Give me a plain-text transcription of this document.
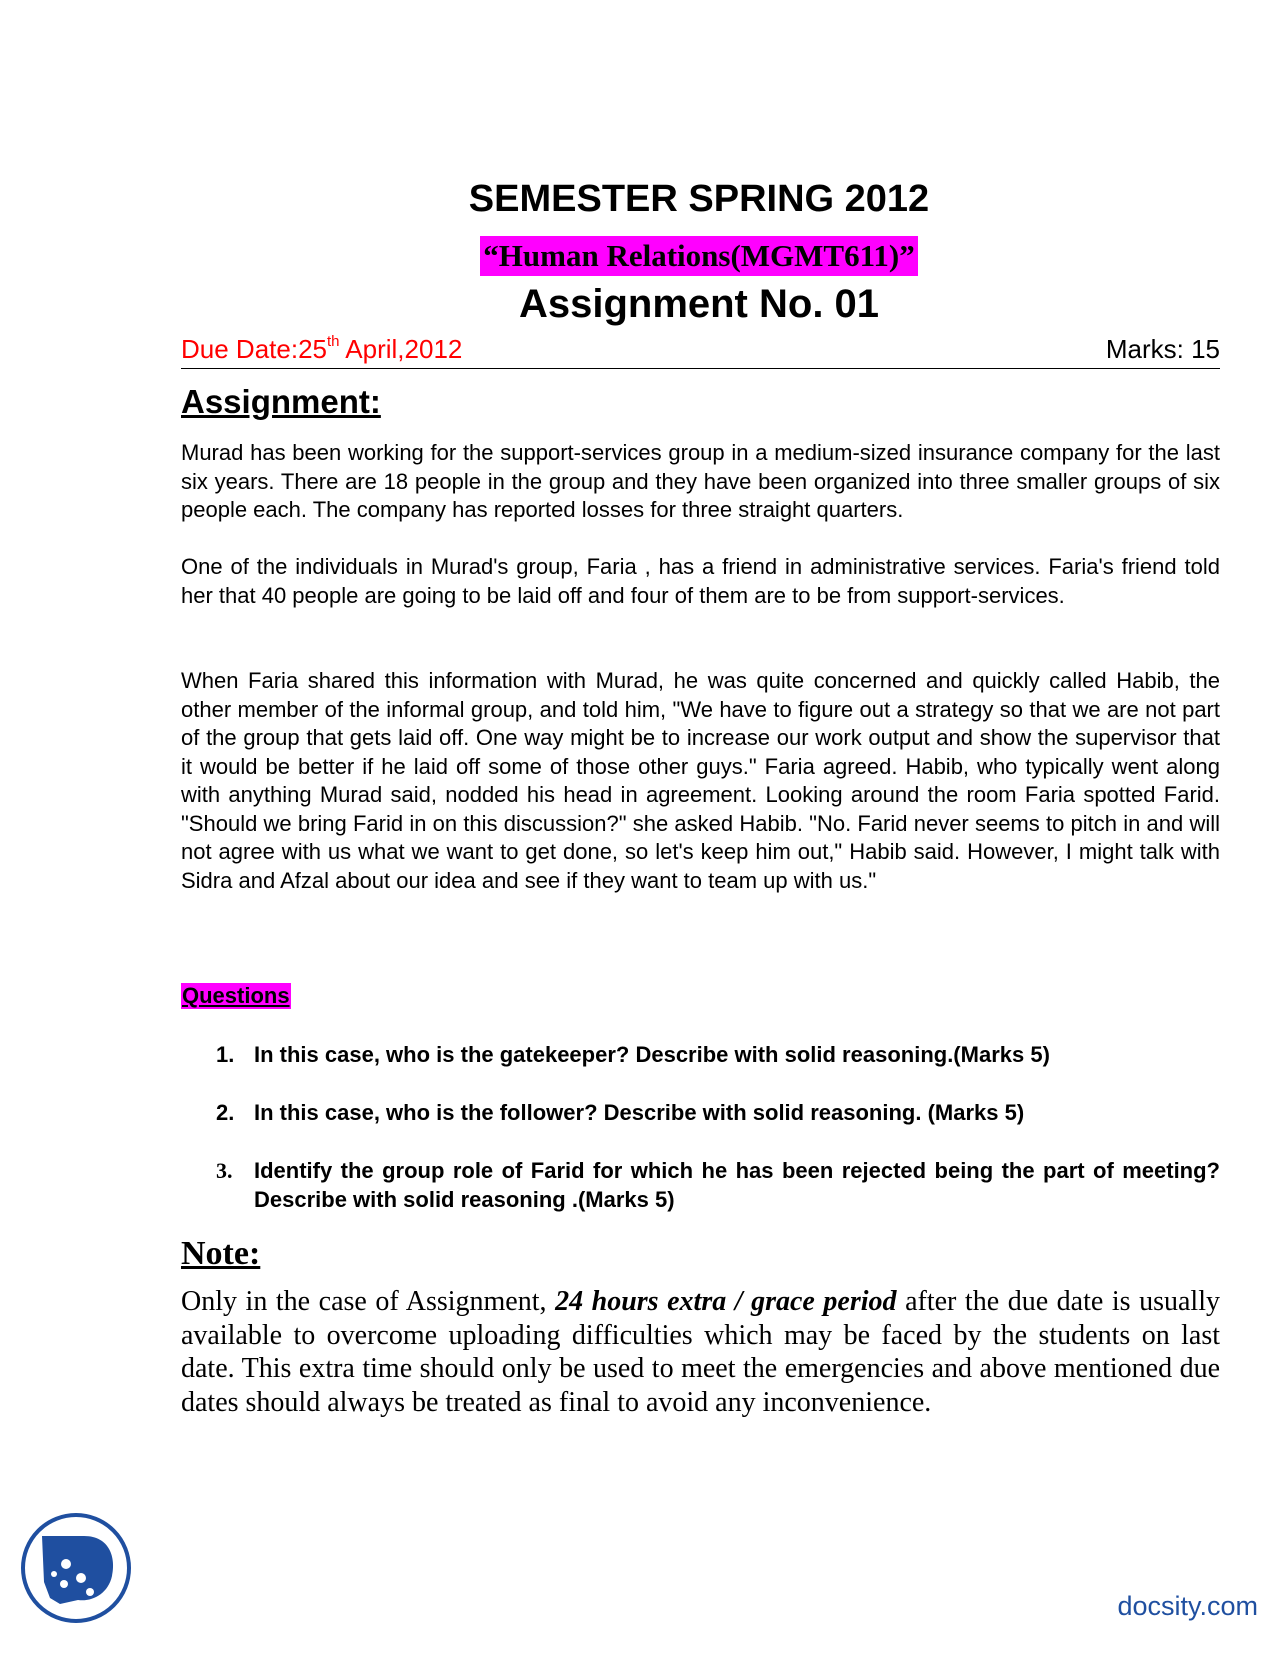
SEMESTER SPRING 2012
“Human Relations(MGMT611)”
Assignment No. 01
Due Date:25th April,2012	Marks: 15
Assignment:

Murad has been working for the support-services group in a medium-sized insurance company for the last six years. There are 18 people in the group and they have been organized into three smaller groups of six people each. The company has reported losses for three straight quarters.

One of the individuals in Murad's group, Faria , has a friend in administrative services. Faria's friend told her that 40 people are going to be laid off and four of them are to be from support-services.

When Faria shared this information with Murad, he was quite concerned and quickly called Habib, the other member of the informal group, and told him, "We have to figure out a strategy so that we are not part of the group that gets laid off. One way might be to increase our work output and show the supervisor that it would be better if he laid off some of those other guys." Faria agreed. Habib, who typically went along with anything Murad said, nodded his head in agreement. Looking around the room Faria spotted Farid. "Should we bring Farid in on this discussion?" she asked Habib. "No. Farid never seems to pitch in and will not agree with us what we want to get done, so let's keep him out," Habib said. However, I might talk with Sidra and Afzal about our idea and see if they want to team up with us."

Questions
1. In this case, who is the gatekeeper? Describe with solid reasoning.(Marks 5)
2. In this case, who is the follower? Describe with solid reasoning. (Marks 5)
3. Identify the group role of Farid for which he has been rejected being the part of meeting? Describe with solid reasoning .(Marks 5)
Note:

Only in the case of Assignment, 24 hours extra / grace period after the due date is usually available to overcome uploading difficulties which may be faced by the students on last date. This extra time should only be used to meet the emergencies and above mentioned due dates should always be treated as final to avoid any inconvenience.

docsity.com
